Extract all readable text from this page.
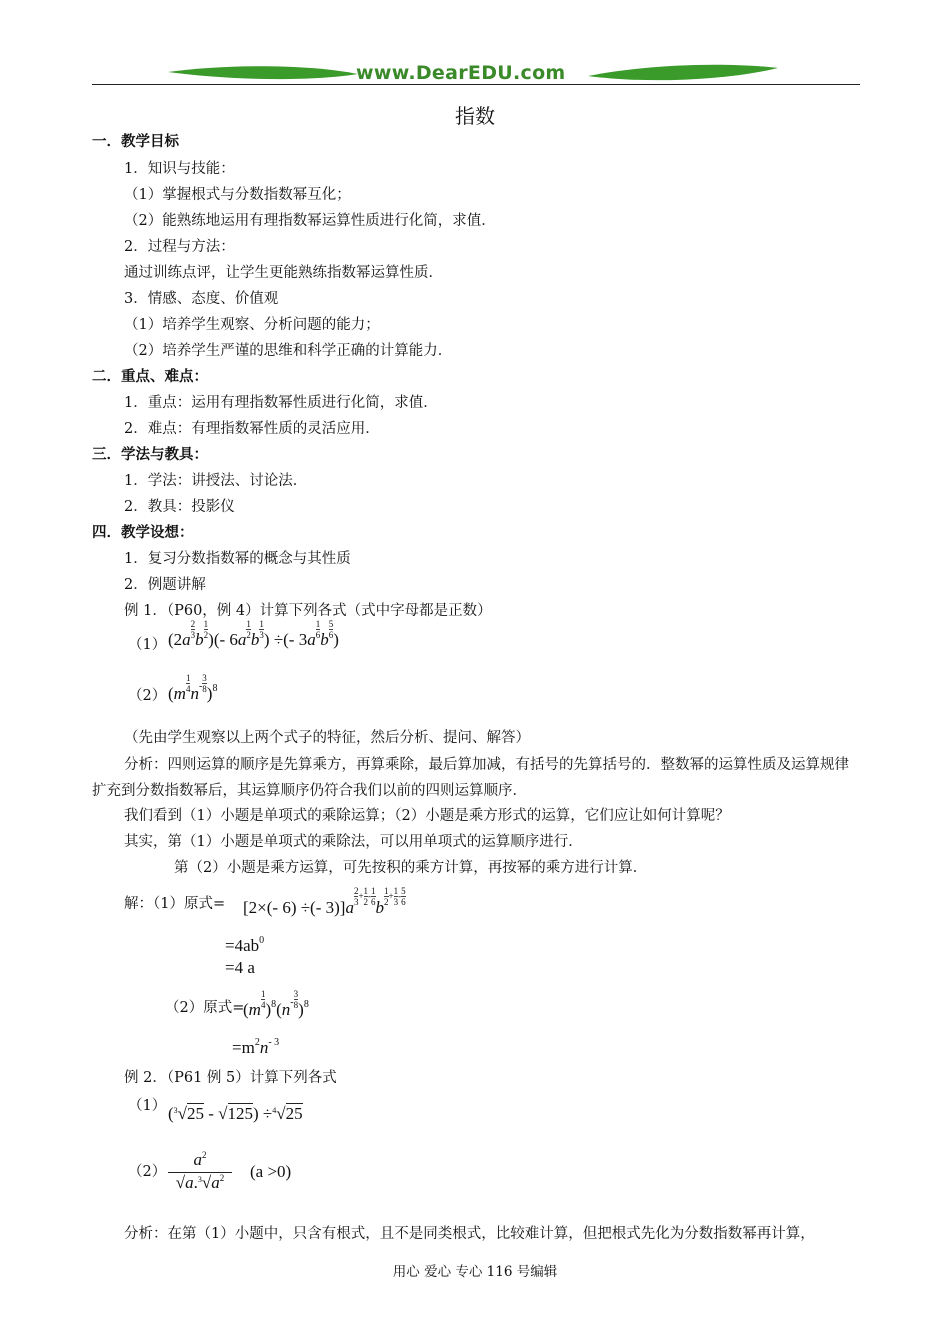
www.DearEDU.com
指数
一．教学目标
1．知识与技能：
（1）掌握根式与分数指数幂互化；
（2）能熟练地运用有理指数幂运算性质进行化简，求值．
2．过程与方法：
通过训练点评，让学生更能熟练指数幂运算性质．
3．情感、态度、价值观
（1）培养学生观察、分析问题的能力；
（2）培养学生严谨的思维和科学正确的计算能力．
二．重点、难点：
1．重点：运用有理指数幂性质进行化简，求值．
2．难点：有理指数幂性质的灵活应用．
三．学法与教具：
1．学法：讲授法、讨论法．
2．教具：投影仪
四．教学设想：
1．复习分数指数幂的概念与其性质
2．例题讲解
例 1．（P60，例 4）计算下列各式（式中字母都是正数）
（1） ($2a \frac{2}{3}$ b $\frac{1}{2}$ )(- $6a \frac{1}{2}$ b $\frac{1}{3}$ ) ÷(- $3a \frac{1}{6}$ b $\frac{5}{6}$ )
（2） $(m \frac{1}{4} n^- \frac{3}{8} )^8$
（先由学生观察以上两个式子的特征，然后分析、提问、解答）
分析：四则运算的顺序是先算乘方，再算乘除，最后算加减，有括号的先算括号的．整数幂的运算性质及运算规律扩充到分数指数幂后，其运算顺序仍符合我们以前的四则运算顺序．
我们看到（1）小题是单项式的乘除运算；（2）小题是乘方形式的运算，它们应让如何计算呢？
其实，第（1）小题是单项式的乘除法，可以用单项式的运算顺序进行．
第（2）小题是乘方运算，可先按积的乘方计算，再按幂的乘方进行计算．
解：（1）原式= [2×(- 6) ÷(- 3)]a
$^{\frac{2}{3} + \frac{1}{2} - \frac{1}{6}}$
b
$^{\frac{1}{2} + \frac{1}{3} - \frac{5}{6}}$
$=4ab^0$
=4 a
（2）原式=
$(m \frac{1}{4} )^8(n^- \frac{3}{8} )^8$
$=m^2n^{- 3}$
例 2．（P61 例 5）计算下列各式
（1） ($^3$√25 - √125) ÷$^4$√25
（2）
$a^2$
$√a.^3√a^2$	(a >0)
分析：在第（1）小题中，只含有根式，且不是同类根式，比较难计算，但把根式先化为分数指数幂再计算，
用心 爱心 专心 116 号编辑
